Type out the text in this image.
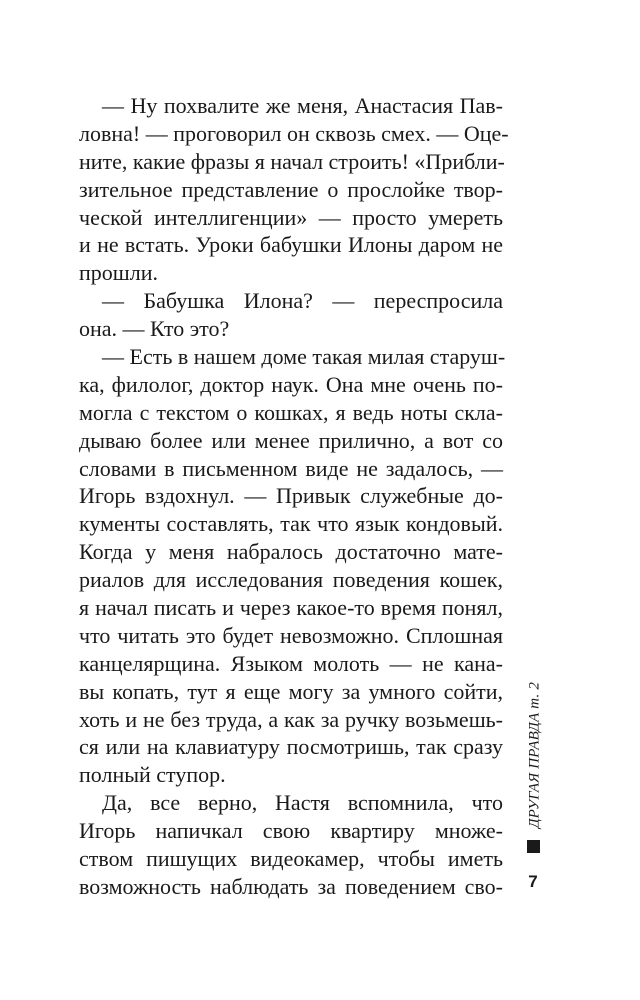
— Ну похвалите же меня, Анастасия Пав-
ловна! — проговорил он сквозь смех. — Оце-
ните, какие фразы я начал строить! «Прибли-
зительное представление о прослойке твор-
ческой интеллигенции» — просто умереть
и не встать. Уроки бабушки Илоны даром не
прошли.
— Бабушка Илона? — переспросила
она. — Кто это?
— Есть в нашем доме такая милая старуш-
ка, филолог, доктор наук. Она мне очень по-
могла с текстом о кошках, я ведь ноты скла-
дываю более или менее прилично, а вот со
словами в письменном виде не задалось, —
Игорь вздохнул. — Привык служебные до-
кументы составлять, так что язык кондовый.
Когда у меня набралось достаточно мате-
риалов для исследования поведения кошек,
я начал писать и через какое-то время понял,
что читать это будет невозможно. Сплошная
канцелярщина. Языком молоть — не кана-
вы копать, тут я еще могу за умного сойти,
хоть и не без труда, а как за ручку возьмешь-
ся или на клавиатуру посмотришь, так сразу
полный ступор.
Да, все верно, Настя вспомнила, что
Игорь напичкал свою квартиру множе-
ством пишущих видеокамер, чтобы иметь
возможность наблюдать за поведением сво-
ДРУГАЯ ПРАВДА т. 2
7
